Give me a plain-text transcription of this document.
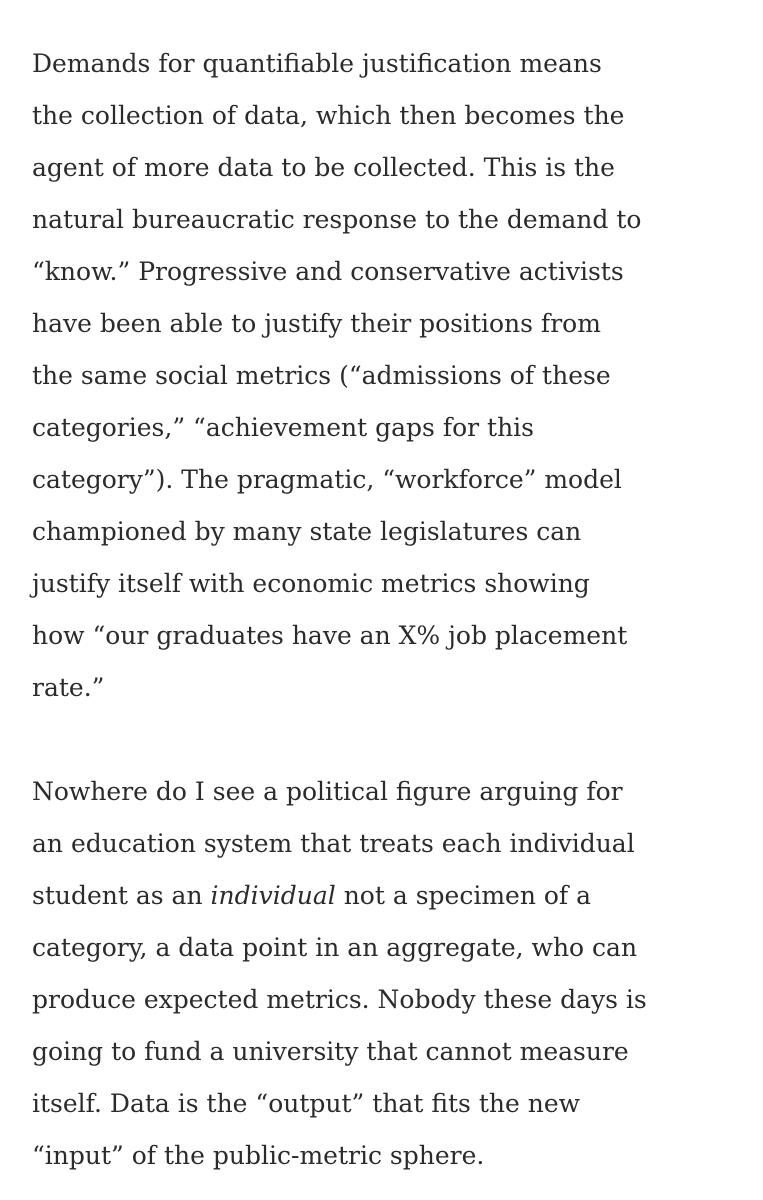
Demands for quantifiable justification means
the collection of data, which then becomes the
agent of more data to be collected. This is the
natural bureaucratic response to the demand to
“know.” Progressive and conservative activists
have been able to justify their positions from
the same social metrics (“admissions of these
categories,” “achievement gaps for this
category”). The pragmatic, “workforce” model
championed by many state legislatures can
justify itself with economic metrics showing
how “our graduates have an X% job placement
rate.”

Nowhere do I see a political figure arguing for
an education system that treats each individual
student as an individual not a specimen of a
category, a data point in an aggregate, who can
produce expected metrics. Nobody these days is
going to fund a university that cannot measure
itself. Data is the “output” that fits the new
“input” of the public-metric sphere.
